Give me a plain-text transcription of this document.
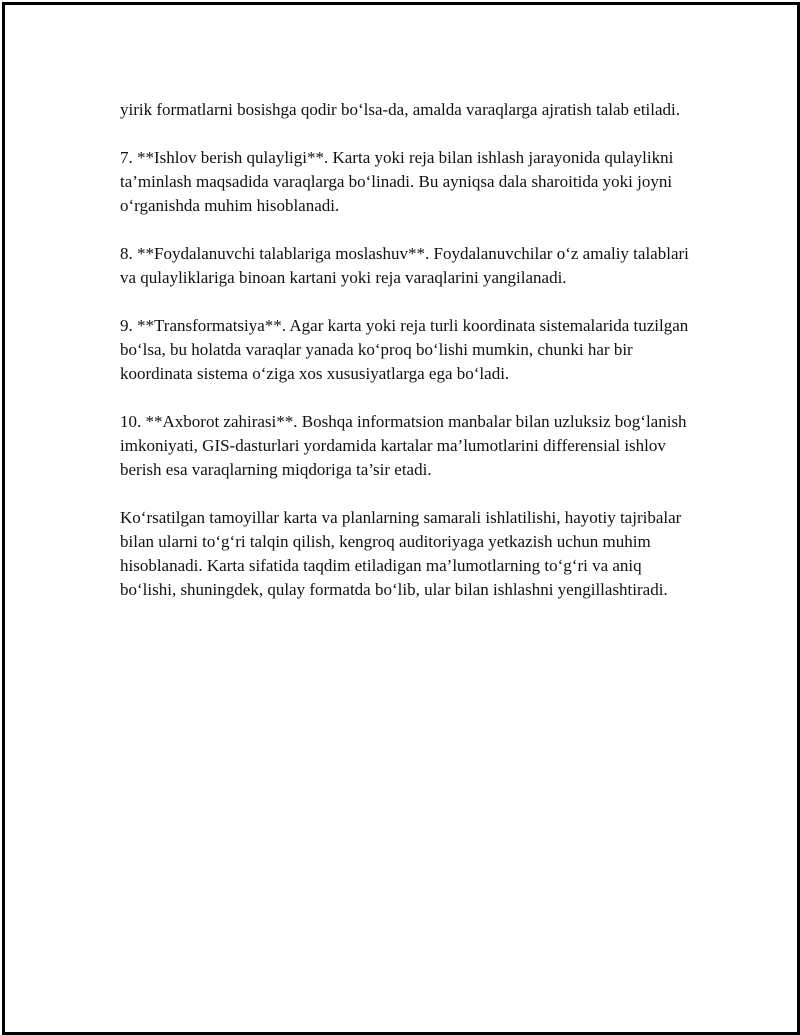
yirik formatlarni bosishga qodir bo‘lsa-da, amalda varaqlarga ajratish talab etiladi.

7. **Ishlov berish qulayligi**. Karta yoki reja bilan ishlash jarayonida qulaylikni ta’minlash maqsadida varaqlarga bo‘linadi. Bu ayniqsa dala sharoitida yoki joyni o‘rganishda muhim hisoblanadi.

8. **Foydalanuvchi talablariga moslashuv**. Foydalanuvchilar o‘z amaliy talablari va qulayliklariga binoan kartani yoki reja varaqlarini yangilanadi.

9. **Transformatsiya**. Agar karta yoki reja turli koordinata sistemalarida tuzilgan bo‘lsa, bu holatda varaqlar yanada ko‘proq bo‘lishi mumkin, chunki har bir koordinata sistema o‘ziga xos xususiyatlarga ega bo‘ladi.

10. **Axborot zahirasi**. Boshqa informatsion manbalar bilan uzluksiz bog‘lanish imkoniyati, GIS-dasturlari yordamida kartalar ma’lumotlarini differensial ishlov berish esa varaqlarning miqdoriga ta’sir etadi.

Ko‘rsatilgan tamoyillar karta va planlarning samarali ishlatilishi, hayotiy tajribalar bilan ularni to‘g‘ri talqin qilish, kengroq auditoriyaga yetkazish uchun muhim hisoblanadi. Karta sifatida taqdim etiladigan ma’lumotlarning to‘g‘ri va aniq bo‘lishi, shuningdek, qulay formatda bo‘lib, ular bilan ishlashni yengillashtiradi.
